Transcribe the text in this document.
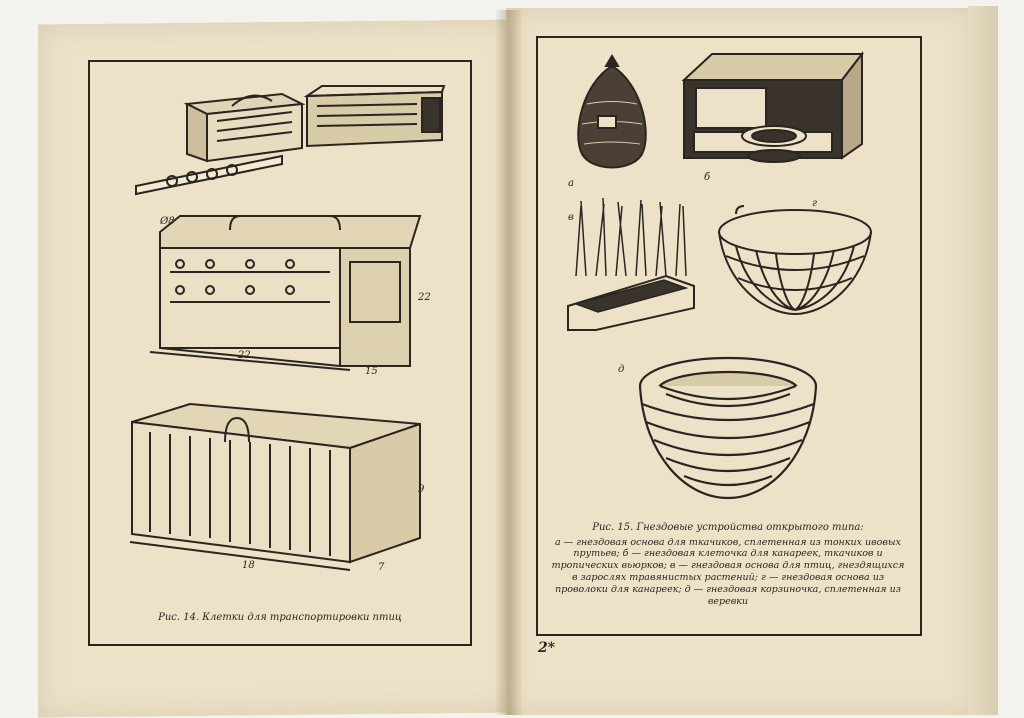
Ø8
22
22
15
9
18	7
Рис. 14. Клетки для транспортировки птиц
а
б
в
г
д
Рис. 15. Гнездовые устройства открытого типа:
а — гнездовая основа для ткачиков, сплетенная из тонких ивовых прутьев; б — гнездовая клеточка для канареек, ткачиков и тропических вьюрков; в — гнездовая основа для птиц, гнездящихся в зарослях травянистых растений; г — гнездовая основа из проволоки для канареек; д — гнездовая корзиночка, сплетенная из веревки
2*
